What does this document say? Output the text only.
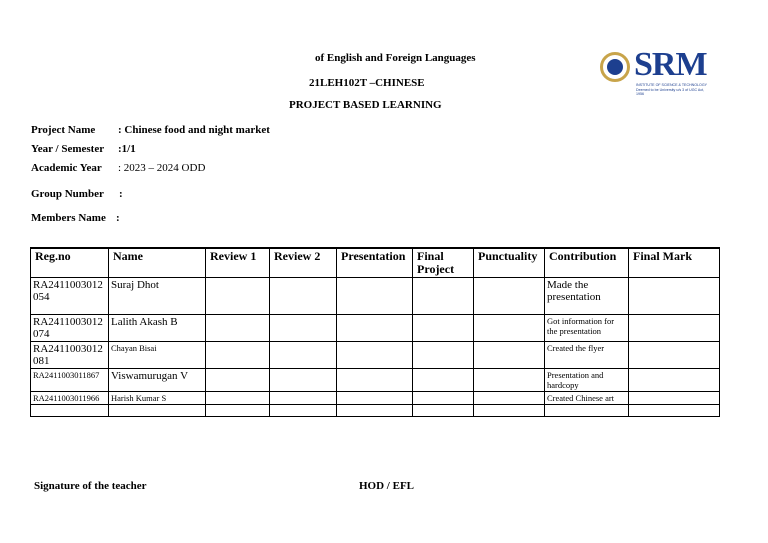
of English and Foreign Languages
21LEH102T –CHINESE
PROJECT BASED LEARNING
SRM
INSTITUTE OF SCIENCE & TECHNOLOGY
Deemed to be University u/s 3 of UGC Act, 1956
Project Name : Chinese food and night market
Year / Semester :1/1
Academic Year : 2023 – 2024 ODD
Group Number :
Members Name :
Reg.no	Name	Review 1	Review 2	Presentation	Final Project	Punctuality	Contribution	Final Mark
RA2411003012054	Suraj Dhot						Made the presentation	
RA2411003012074	Lalith Akash B						Got information for the presentation	
RA2411003012081	Chayan Bisai						Created the flyer	
RA2411003011867	Viswamurugan V						Presentation and hardcopy	
RA2411003011966	Harish Kumar S						Created Chinese art	

Signature of the teacher	HOD / EFL
